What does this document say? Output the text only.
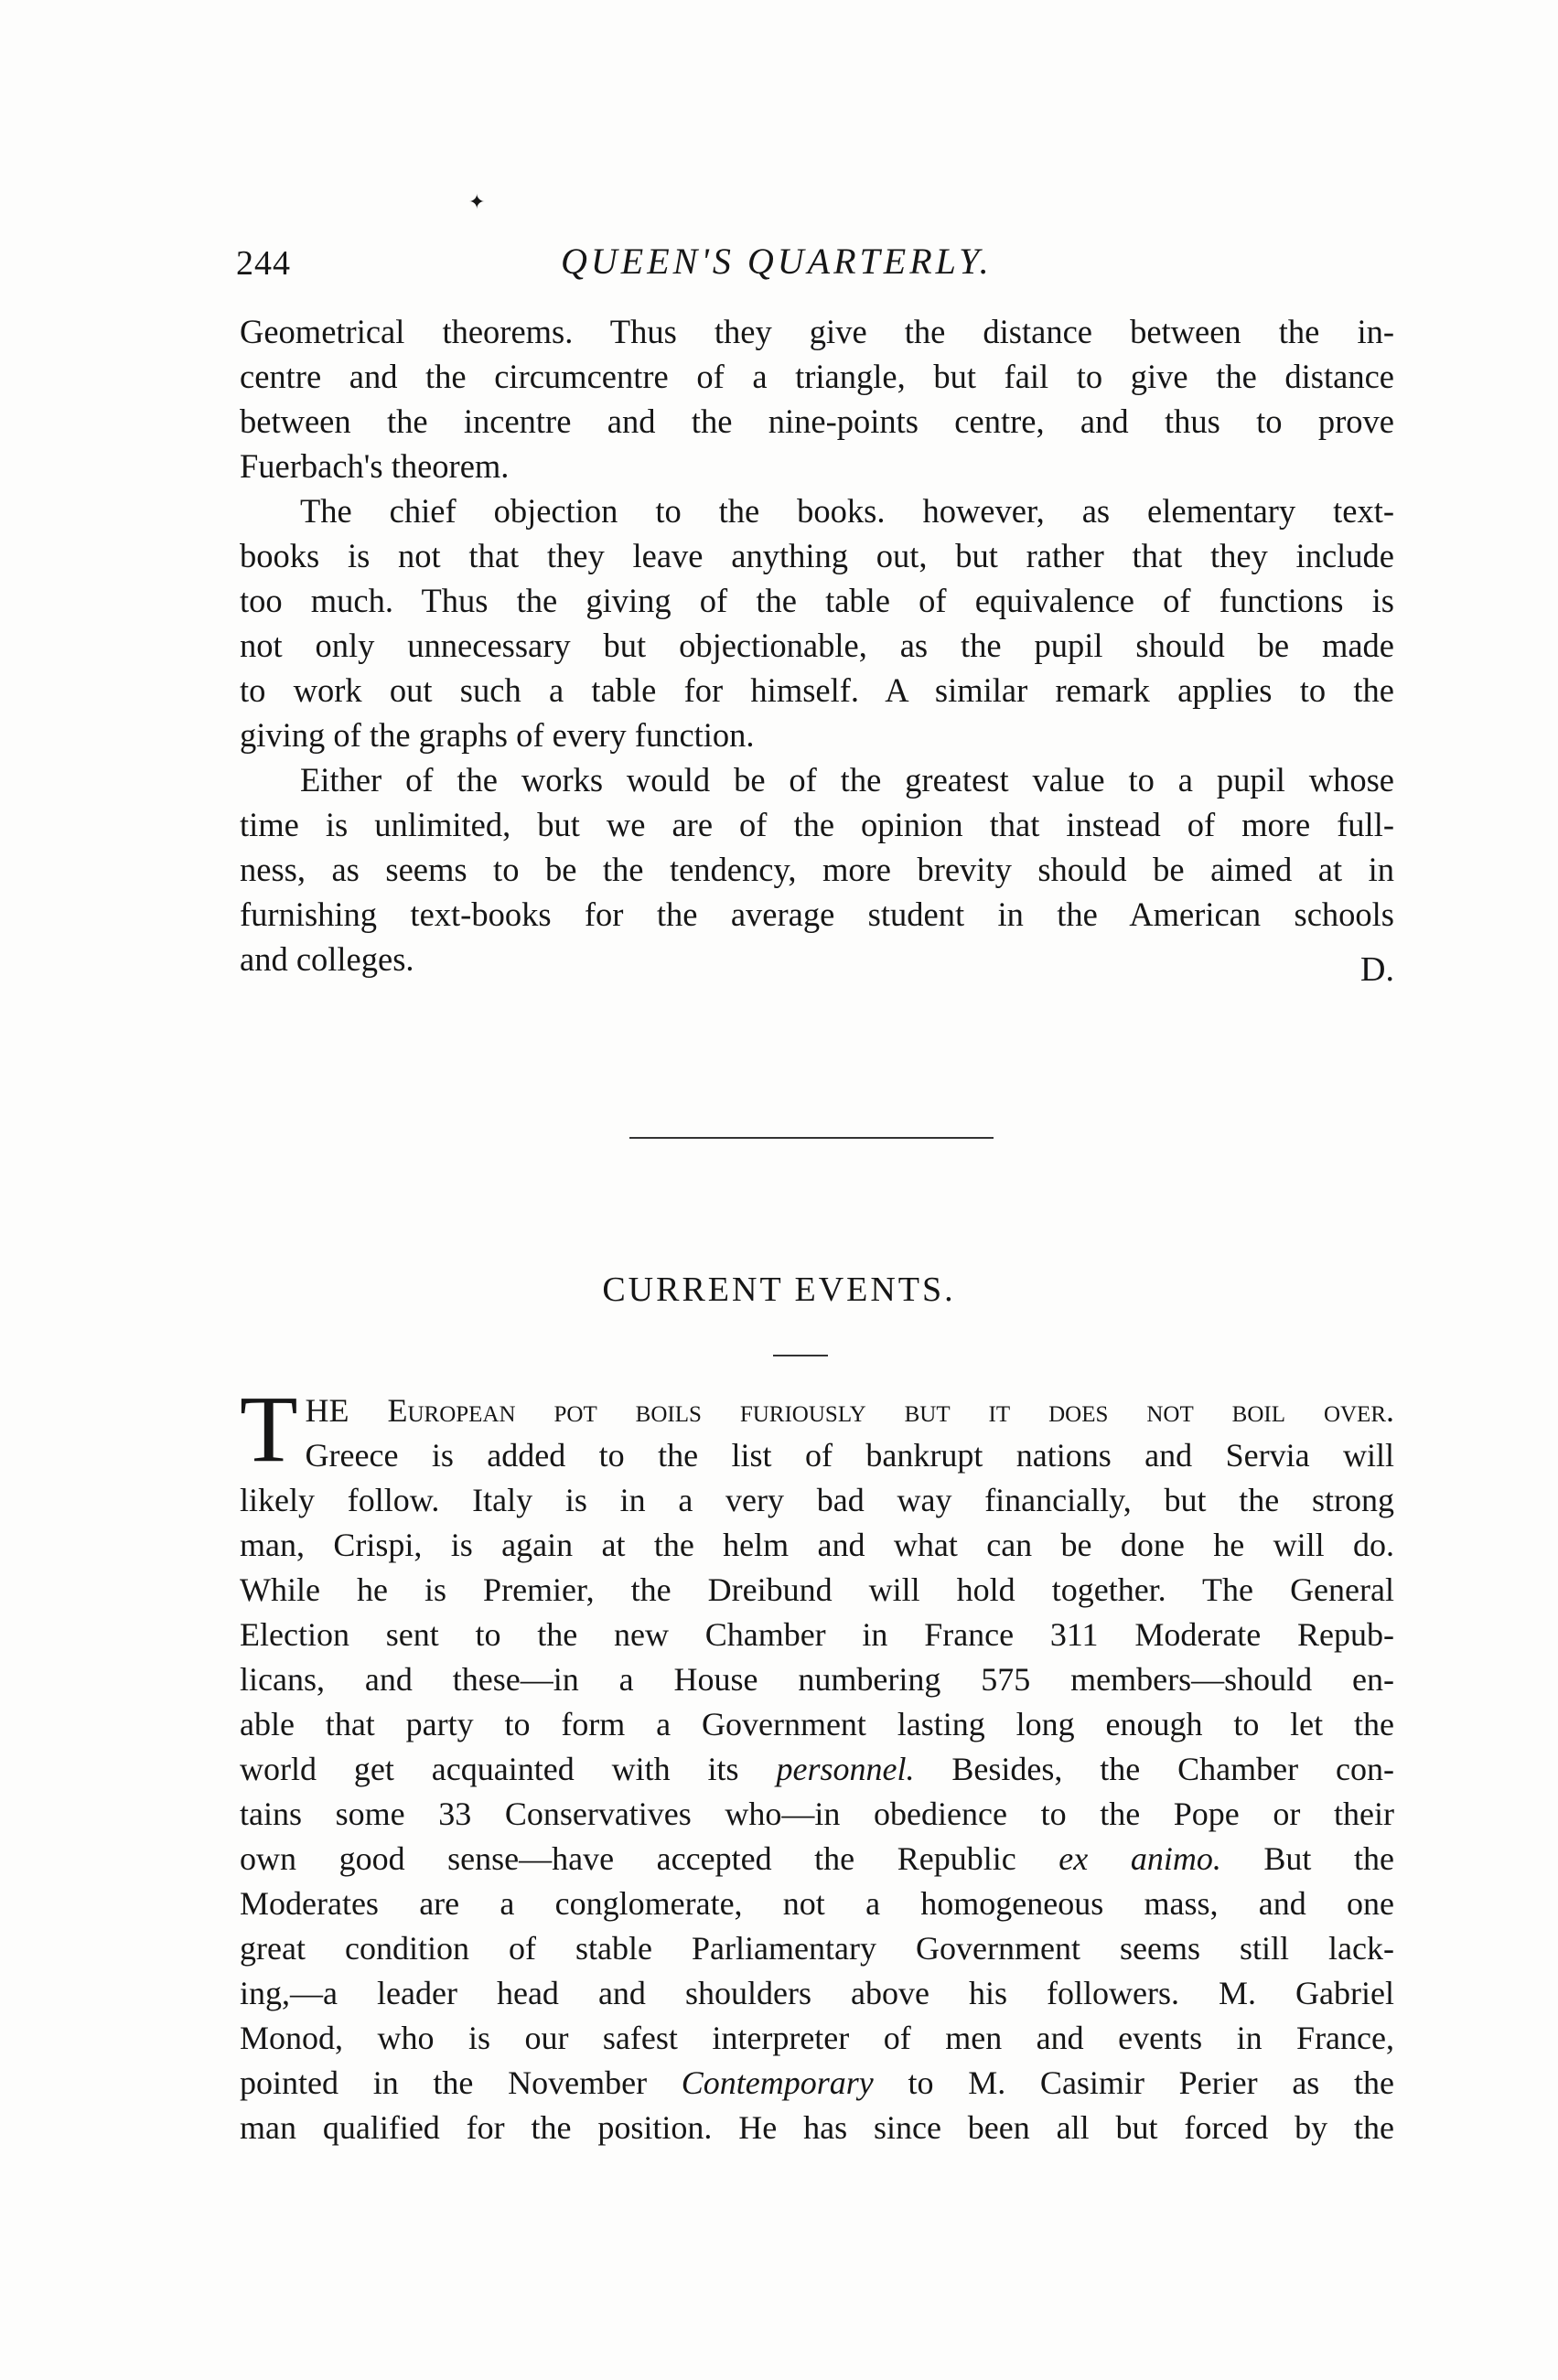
✦
244	QUEEN'S QUARTERLY.

Geometrical theorems. Thus they give the distance between the in-

centre and the circumcentre of a triangle, but fail to give the distance

between the incentre and the nine-points centre, and thus to prove

Fuerbach's theorem.

The chief objection to the books. however, as elementary text-

books is not that they leave anything out, but rather that they include

too much. Thus the giving of the table of equivalence of functions is

not only unnecessary but objectionable, as the pupil should be made

to work out such a table for himself. A similar remark applies to the

giving of the graphs of every function.

Either of the works would be of the greatest value to a pupil whose

time is unlimited, but we are of the opinion that instead of more full-

ness, as seems to be the tendency, more brevity should be aimed at in

furnishing text-books for the average student in the American schools

and colleges.	D.
CURRENT EVENTS.
T HE European pot boils furiously but it does not boil over.

Greece is added to the list of bankrupt nations and Servia will

likely follow. Italy is in a very bad way financially, but the strong

man, Crispi, is again at the helm and what can be done he will do.

While he is Premier, the Dreibund will hold together. The General

Election sent to the new Chamber in France 311 Moderate Repub-

licans, and these—in a House numbering 575 members—should en-

able that party to form a Government lasting long enough to let the

world get acquainted with its personnel. Besides, the Chamber con-

tains some 33 Conservatives who—in obedience to the Pope or their

own good sense—have accepted the Republic ex animo. But the

Moderates are a conglomerate, not a homogeneous mass, and one

great condition of stable Parliamentary Government seems still lack-

ing,—a leader head and shoulders above his followers. M. Gabriel

Monod, who is our safest interpreter of men and events in France,

pointed in the November Contemporary to M. Casimir Perier as the

man qualified for the position. He has since been all but forced by the
